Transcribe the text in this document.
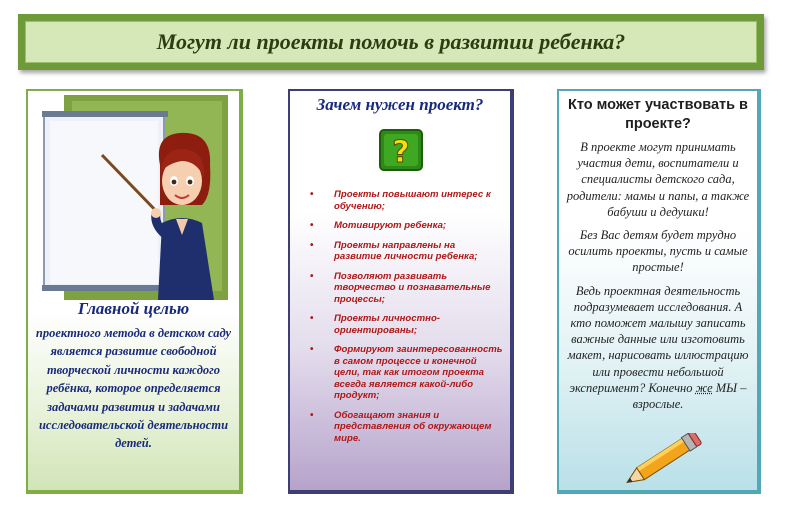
Могут ли проекты помочь в развитии ребенка?
Главной целью
проектного метода в детском саду является развитие свободной творческой личности каждого ребёнка, которое определяется задачами развития и задачами исследовательской деятельности детей.
Зачем нужен проект?
?
• Проекты повышают интерес к обучению;
• Мотивируют ребенка;
• Проекты направлены на развитие личности ребенка;
• Позволяют развивать творчество и познавательные процессы;
• Проекты личностно-ориентированы;
• Формируют заинтересованность в самом процессе и конечной цели, так как итогом проекта всегда является какой-либо продукт;
• Обогащают знания и представления об окружающем мире.
Кто может участвовать в проекте?

В проекте могут принимать участия дети, воспитатели и специалисты детского сада, родители: мамы и папы, а также бабуши и дедушки!

Без Вас детям будет трудно осилить проекты, пусть и самые простые!

Ведь проектная деятельность подразумевает исследования. А кто поможет малышу записать важные данные или изготовить макет, нарисовать иллюстрацию или провести небольшой эксперимент? Конечно же МЫ – взрослые.
